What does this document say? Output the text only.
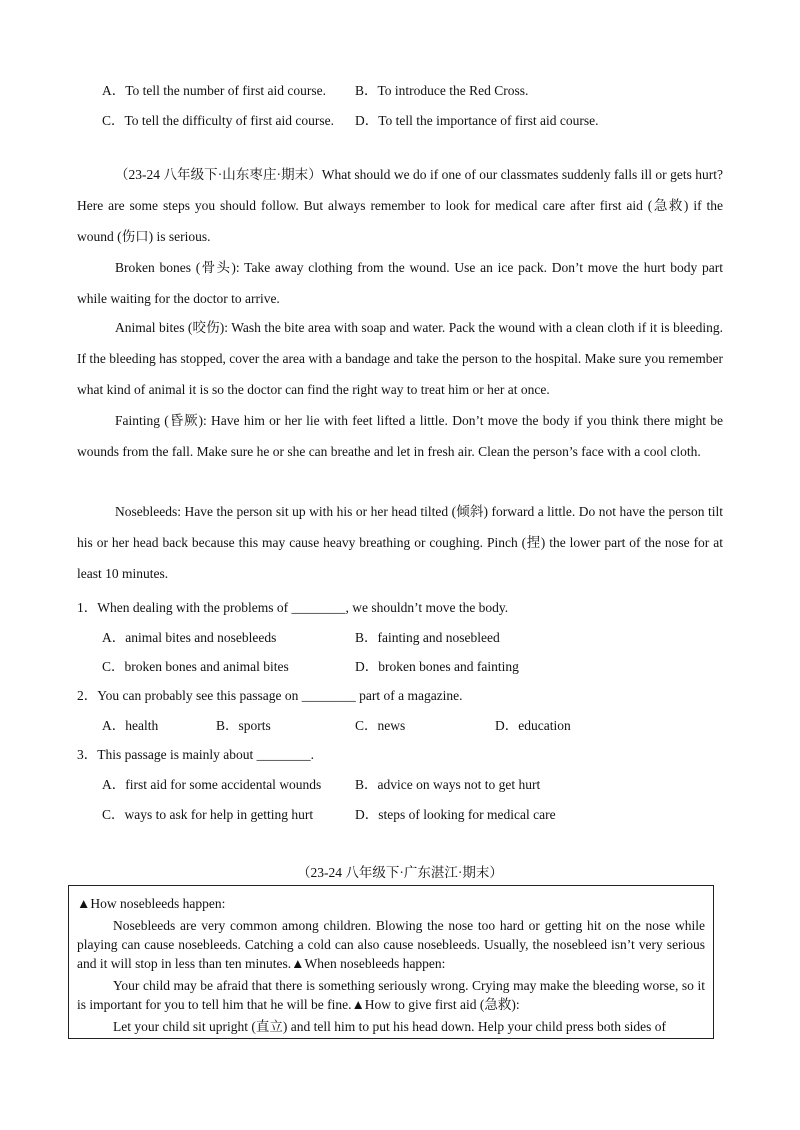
A．To tell the number of first aid course. B．To introduce the Red Cross.
C．To tell the difficulty of first aid course. D．To tell the importance of first aid course.
（23-24 八年级下·山东枣庄·期末）What should we do if one of our classmates suddenly falls ill or gets hurt? Here are some steps you should follow. But always remember to look for medical care after first aid (急救) if the wound (伤口) is serious.
Broken bones (骨头): Take away clothing from the wound. Use an ice pack. Don’t move the hurt body part while waiting for the doctor to arrive.
Animal bites (咬伤): Wash the bite area with soap and water. Pack the wound with a clean cloth if it is bleeding. If the bleeding has stopped, cover the area with a bandage and take the person to the hospital. Make sure you remember what kind of animal it is so the doctor can find the right way to treat him or her at once.
Fainting (昏厥): Have him or her lie with feet lifted a little. Don’t move the body if you think there might be wounds from the fall. Make sure he or she can breathe and let in fresh air. Clean the person’s face with a cool cloth.
Nosebleeds: Have the person sit up with his or her head tilted (倾斜) forward a little. Do not have the person tilt his or her head back because this may cause heavy breathing or coughing. Pinch (捏) the lower part of the nose for at least 10 minutes.
1．When dealing with the problems of ________, we shouldn’t move the body.
A．animal bites and nosebleeds	B．fainting and nosebleed
C．broken bones and animal bites	D．broken bones and fainting
2．You can probably see this passage on ________ part of a magazine.
A．health	B．sports	C．news	D．education
3．This passage is mainly about ________.
A．first aid for some accidental wounds B．advice on ways not to get hurt
C．ways to ask for help in getting hurt	D．steps of looking for medical care
（23-24 八年级下·广东湛江·期末）
▲How nosebleeds happen:
Nosebleeds are very common among children. Blowing the nose too hard or getting hit on the nose while playing can cause nosebleeds. Catching a cold can also cause nosebleeds. Usually, the nosebleed isn’t very serious and it will stop in less than ten minutes.▲When nosebleeds happen:
Your child may be afraid that there is something seriously wrong. Crying may make the bleeding worse, so it is important for you to tell him that he will be fine.▲How to give first aid (急救):
Let your child sit upright (直立) and tell him to put his head down. Help your child press both sides of
